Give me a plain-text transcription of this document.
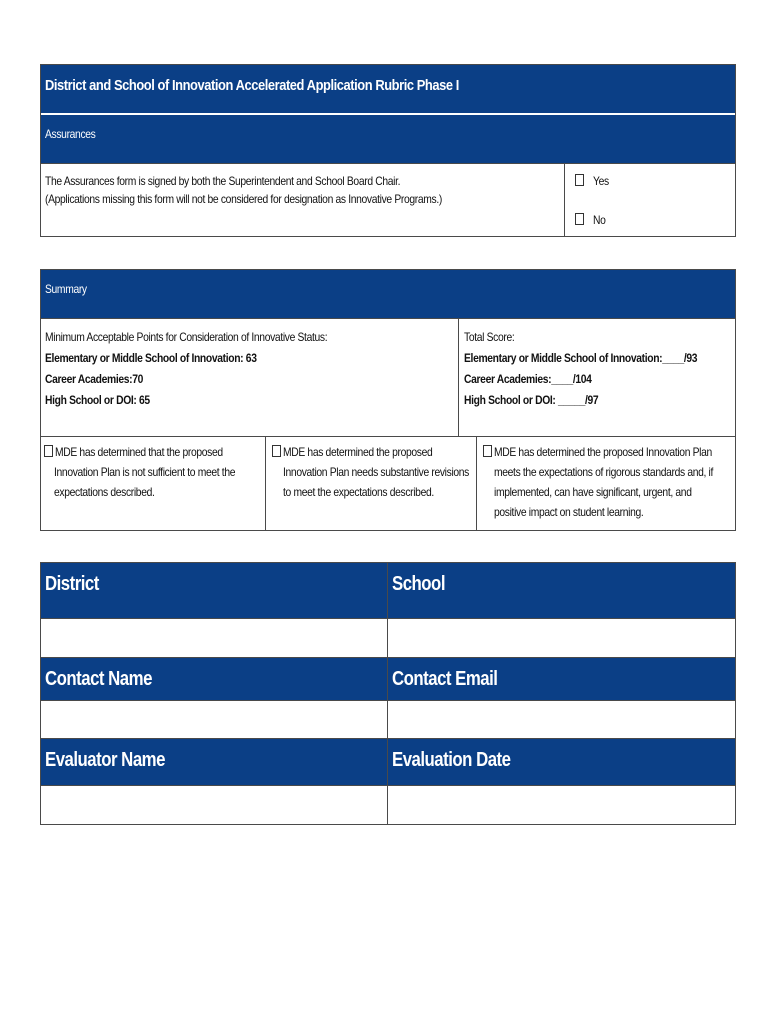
District and School of Innovation Accelerated Application Rubric Phase I
Assurances
The Assurances form is signed by both the Superintendent and School Board Chair.
(Applications missing this form will not be considered for designation as Innovative Programs.)
Yes
No
Summary
Minimum Acceptable Points for Consideration of Innovative Status:
Elementary or Middle School of Innovation: 63
Career Academies:70
High School or DOI: 65
Total Score:
Elementary or Middle School of Innovation:____/93
Career Academies:____/104
High School or DOI: _____/97
MDE has determined that the proposed
Innovation Plan is not sufficient to meet the
expectations described.
MDE has determined the proposed
Innovation Plan needs substantive revisions
to meet the expectations described.
MDE has determined the proposed Innovation Plan
meets the expectations of rigorous standards and, if
implemented, can have significant, urgent, and
positive impact on student learning.
District	School
Contact Name	Contact Email
Evaluator Name	Evaluation Date
